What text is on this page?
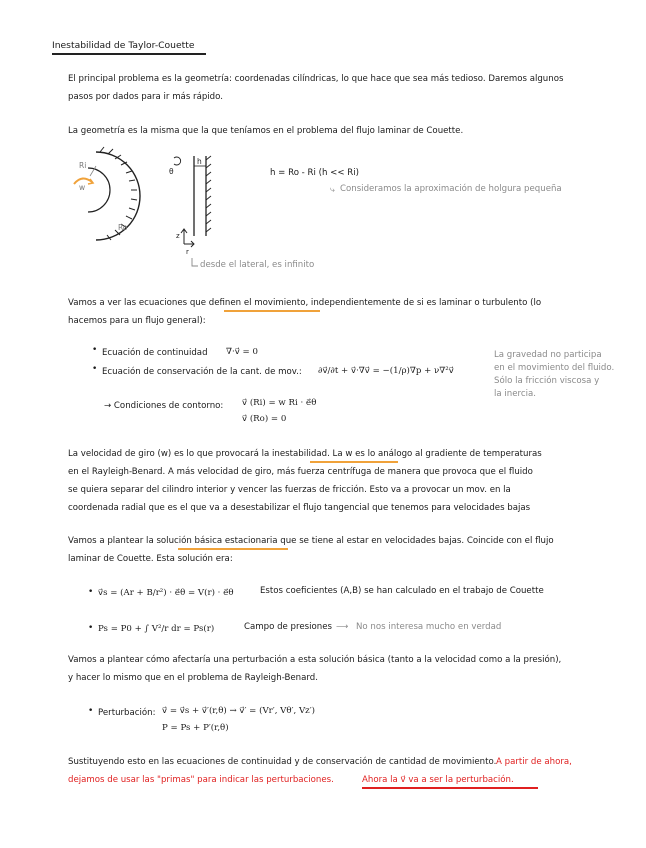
Inestabilidad de Taylor-Couette
El principal problema es la geometría: coordenadas cilíndricas, lo que hace que sea más tedioso. Daremos algunos
pasos por dados para ir más rápido.
La geometría es la misma que la que teníamos en el problema del flujo laminar de Couette.
Ri
w
Ro
h
θ
z
r
h = Ro - Ri (h << Ri)
⤷ Consideramos la aproximación de holgura pequeña
desde el lateral, es infinito
Vamos a ver las ecuaciones que definen el movimiento, independientemente de si es laminar o turbulento (lo
hacemos para un flujo general):
• Ecuación de continuidad ∇·v⃗ = 0
• Ecuación de conservación de la cant. de mov.: ∂v⃗/∂t + v⃗·∇v⃗ = −(1/ρ)∇p + ν∇²v⃗
La gravedad no participa
en el movimiento del fluido.
Sólo la fricción viscosa y
la inercia.
→ Condiciones de contorno: v⃗ (Ri) = w Ri · e⃗θ
v⃗ (Ro) = 0
La velocidad de giro (w) es lo que provocará la inestabilidad. La w es lo análogo al gradiente de temperaturas
en el Rayleigh-Benard. A más velocidad de giro, más fuerza centrífuga de manera que provoca que el fluido
se quiera separar del cilindro interior y vencer las fuerzas de fricción. Esto va a provocar un mov. en la
coordenada radial que es el que va a desestabilizar el flujo tangencial que tenemos para velocidades bajas
Vamos a plantear la solución básica estacionaria que se tiene al estar en velocidades bajas. Coincide con el flujo
laminar de Couette. Esta solución era:
• v⃗s = (Ar + B/r²) · e⃗θ = V(r) · e⃗θ	Estos coeficientes (A,B) se han calculado en el trabajo de Couette
• Ps = P0 + ∫ V²/r dr = Ps(r)	Campo de presiones ⟶ No nos interesa mucho en verdad
Vamos a plantear cómo afectaría una perturbación a esta solución básica (tanto a la velocidad como a la presión),
y hacer lo mismo que en el problema de Rayleigh-Benard.
• Perturbación: v⃗ = v⃗s + v⃗′(r,θ) → v⃗′ = (Vr′, Vθ′, Vz′)
P = Ps + P′(r,θ)
Sustituyendo esto en las ecuaciones de continuidad y de conservación de cantidad de movimiento. A partir de ahora,
dejamos de usar las "primas" para indicar las perturbaciones.	Ahora la v⃗ va a ser la perturbación.
